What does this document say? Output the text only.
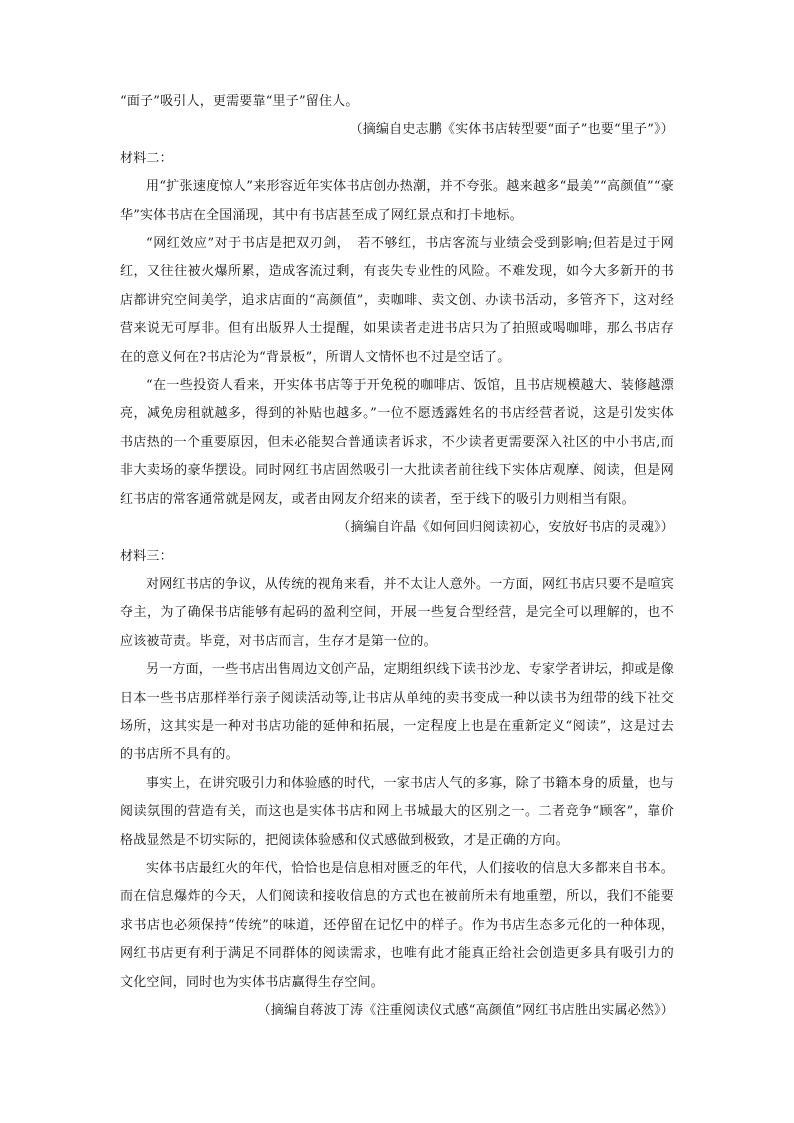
“面子”吸引人，更需要靠“里子”留住人。

（摘编自史志鹏《实体书店转型要“面子”也要“里子”》）

材料二：

用“扩张速度惊人”来形容近年实体书店创办热潮，并不夸张。越来越多“最美”“高颜值”“豪华”实体书店在全国涌现，其中有书店甚至成了网红景点和打卡地标。

“网红效应”对于书店是把双刃剑，　若不够红，书店客流与业绩会受到影响;但若是过于网红，又往往被火爆所累，造成客流过剩，有丧失专业性的风险。不难发现，如今大多新开的书店都讲究空间美学，追求店面的“高颜值”，卖咖啡、卖文创、办读书活动，多管齐下，这对经营来说无可厚非。但有出版界人士提醒，如果读者走进书店只为了拍照或喝咖啡，那么书店存在的意义何在?书店沦为“背景板”，所谓人文情怀也不过是空话了。

“在一些投资人看来，开实体书店等于开免税的咖啡店、饭馆，且书店规模越大、装修越漂亮，减免房租就越多，得到的补贴也越多。”一位不愿透露姓名的书店经营者说，这是引发实体书店热的一个重要原因，但未必能契合普通读者诉求，不少读者更需要深入社区的中小书店,而非大卖场的豪华摆设。同时网红书店固然吸引一大批读者前往线下实体店观摩、阅读，但是网红书店的常客通常就是网友，或者由网友介绍来的读者，至于线下的吸引力则相当有限。

（摘编自许晶《如何回归阅读初心，安放好书店的灵魂》）

材料三：

对网红书店的争议，从传统的视角来看，并不太让人意外。一方面，网红书店只要不是喧宾夺主，为了确保书店能够有起码的盈利空间，开展一些复合型经营，是完全可以理解的，也不应该被苛责。毕竟，对书店而言，生存才是第一位的。

另一方面，一些书店出售周边文创产品，定期组织线下读书沙龙、专家学者讲坛，抑或是像日本一些书店那样举行亲子阅读活动等,让书店从单纯的卖书变成一种以读书为纽带的线下社交场所，这其实是一种对书店功能的延伸和拓展，一定程度上也是在重新定义“阅读”，这是过去的书店所不具有的。

事实上，在讲究吸引力和体验感的时代，一家书店人气的多寡，除了书籍本身的质量，也与阅读氛围的营造有关，而这也是实体书店和网上书城最大的区别之一。二者竞争“顾客”，靠价格战显然是不切实际的，把阅读体验感和仪式感做到极致，才是正确的方向。

实体书店最红火的年代，恰恰也是信息相对匮乏的年代，人们接收的信息大多都来自书本。而在信息爆炸的今天，人们阅读和接收信息的方式也在被前所未有地重塑，所以，我们不能要求书店也必须保持“传统”的味道，还停留在记忆中的样子。作为书店生态多元化的一种体现，网红书店更有利于满足不同群体的阅读需求，也唯有此才能真正给社会创造更多具有吸引力的文化空间，同时也为实体书店赢得生存空间。

（摘编自蒋波丁涛《注重阅读仪式感“高颜值”网红书店胜出实属必然》）
